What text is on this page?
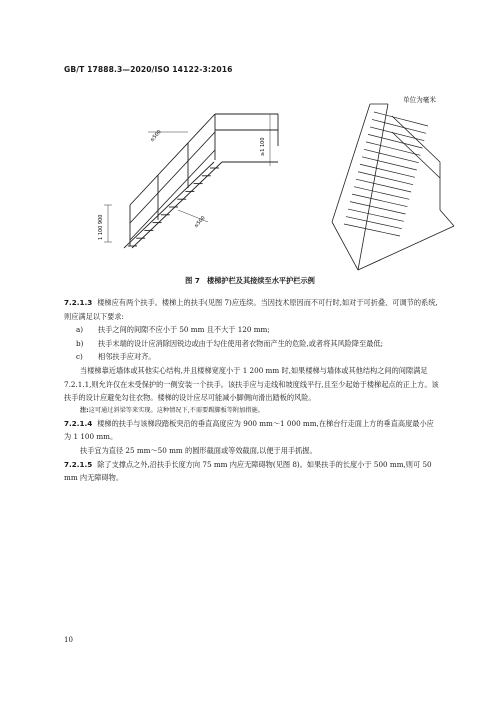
GB/T 17888.3—2020/ISO 14122-3:2016
单位为毫米
≤500
≥1 100
1 100 900	≤500
图 7　楼梯护栏及其接续至水平护栏示例

7.2.1.3 楼梯应有两个扶手。楼梯上的扶手(见图 7)应连续。当因技术原因而不可行时,如对于可折叠、可调节的系统,则应满足以下要求:

a)	扶手之间的间隙不应小于 50 mm 且不大于 120 mm;
b)	扶手末端的设计应消除因锐边或由于勾住使用者衣物而产生的危险,或者将其风险降至最低;
c)	相邻扶手应对齐。

当楼梯靠近墙体或其他实心结构,并且楼梯宽度小于 1 200 mm 时,如果楼梯与墙体或其他结构之间的间隙满足 7.2.1.1,则允许仅在未受保护的一侧安装一个扶手。该扶手应与走线和坡度线平行,且至少起始于楼梯起点的正上方。该扶手的设计应避免勾住衣物。楼梯的设计应尽可能减小脚侧向滑出踏板的风险。

注:这可通过斜梁等来实现。这种情况下,不需要踢脚板等附加措施。

7.2.1.4 楼梯的扶手与该梯段踏板突沿的垂直高度应为 900 mm～1 000 mm,在梯台行走面上方的垂直高度最小应为 1 100 mm。

扶手宜为直径 25 mm～50 mm 的圆形截面或等效截面,以便于用手抓握。

7.2.1.5 除了支撑点之外,沿扶手长度方向 75 mm 内应无障碍物(见图 8)。如果扶手的长度小于 500 mm,则可 50 mm 内无障碍物。

10
